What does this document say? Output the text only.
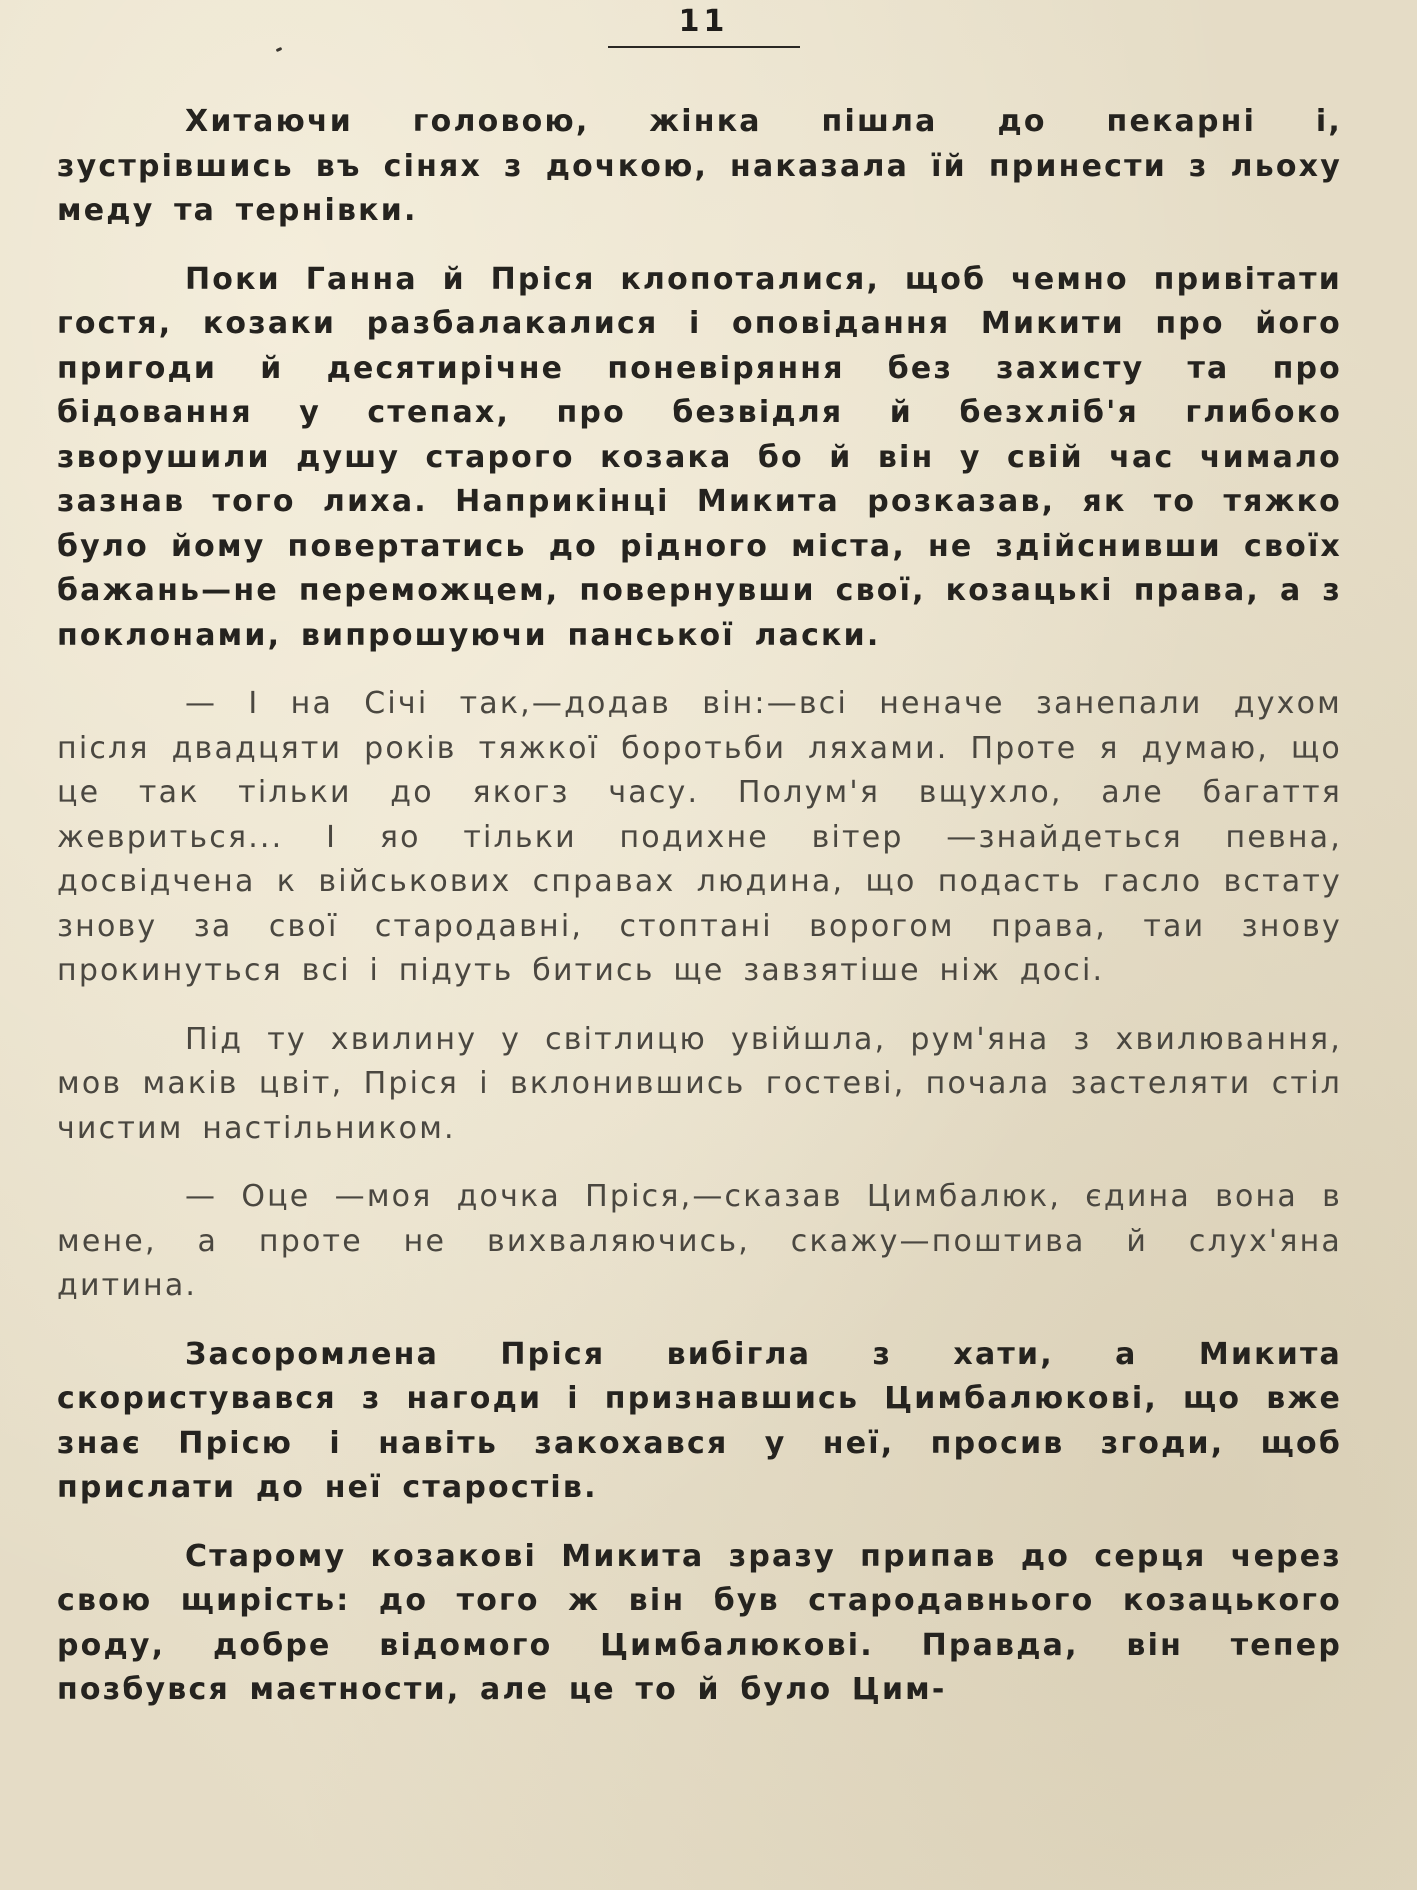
11

Хитаючи головою, жінка пішла до пекарні і, зустрівшись въ сінях з дочкою, наказала їй принести з льоху меду та тернівки.

Поки Ганна й Пріся клопоталися, щоб чемно привітати гостя, козаки разбалакалися і оповідання Микити про його пригоди й десятирічне поневіряння без захисту та про бідовання у степах, про безвідля й безхліб'я глибоко зворушили душу старого козака бо й він у свій час чимало зазнав того лиха. Наприкінці Микита розказав, як то тяжко було йому повертатись до рідного міста, не здійснивши своїх бажань—не переможцем, повернувши свої, козацькі права, а з поклонами, випрошуючи панської ласки.

— І на Січі так,—додав він:—всі неначе занепали духом після двадцяти років тяжкої боротьби ляхами. Проте я думаю, що це так тільки до якогз часу. Полум'я вщухло, але багаття жевриться... І яо тільки подихне вітер —знайдеться певна, досвідчена к військових справах людина, що подасть гасло встату знову за свої стародавні, стоптані ворогом права, таи знову прокинуться всі і підуть битись ще завзятіше ніж досі.

Під ту хвилину у світлицю увійшла, рум'яна з хвилювання, мов маків цвіт, Пріся і вклонившись гостеві, почала застеляти стіл чистим настільником.

— Оце —моя дочка Пріся,—сказав Цимбалюк, єдина вона в мене, а проте не вихваляючись, скажу—поштива й слух'яна дитина.

Засоромлена Пріся вибігла з хати, а Микита скористувався з нагоди і признавшись Цимбалюкові, що вже знає Прісю і навіть закохався у неї, просив згоди, щоб прислати до неї старостів.

Старому козакові Микита зразу припав до серця через свою щирість: до того ж він був стародавнього козацького роду, добре відомого Цимбалюкові. Правда, він тепер позбувся маєтности, але це то й було Цим-
